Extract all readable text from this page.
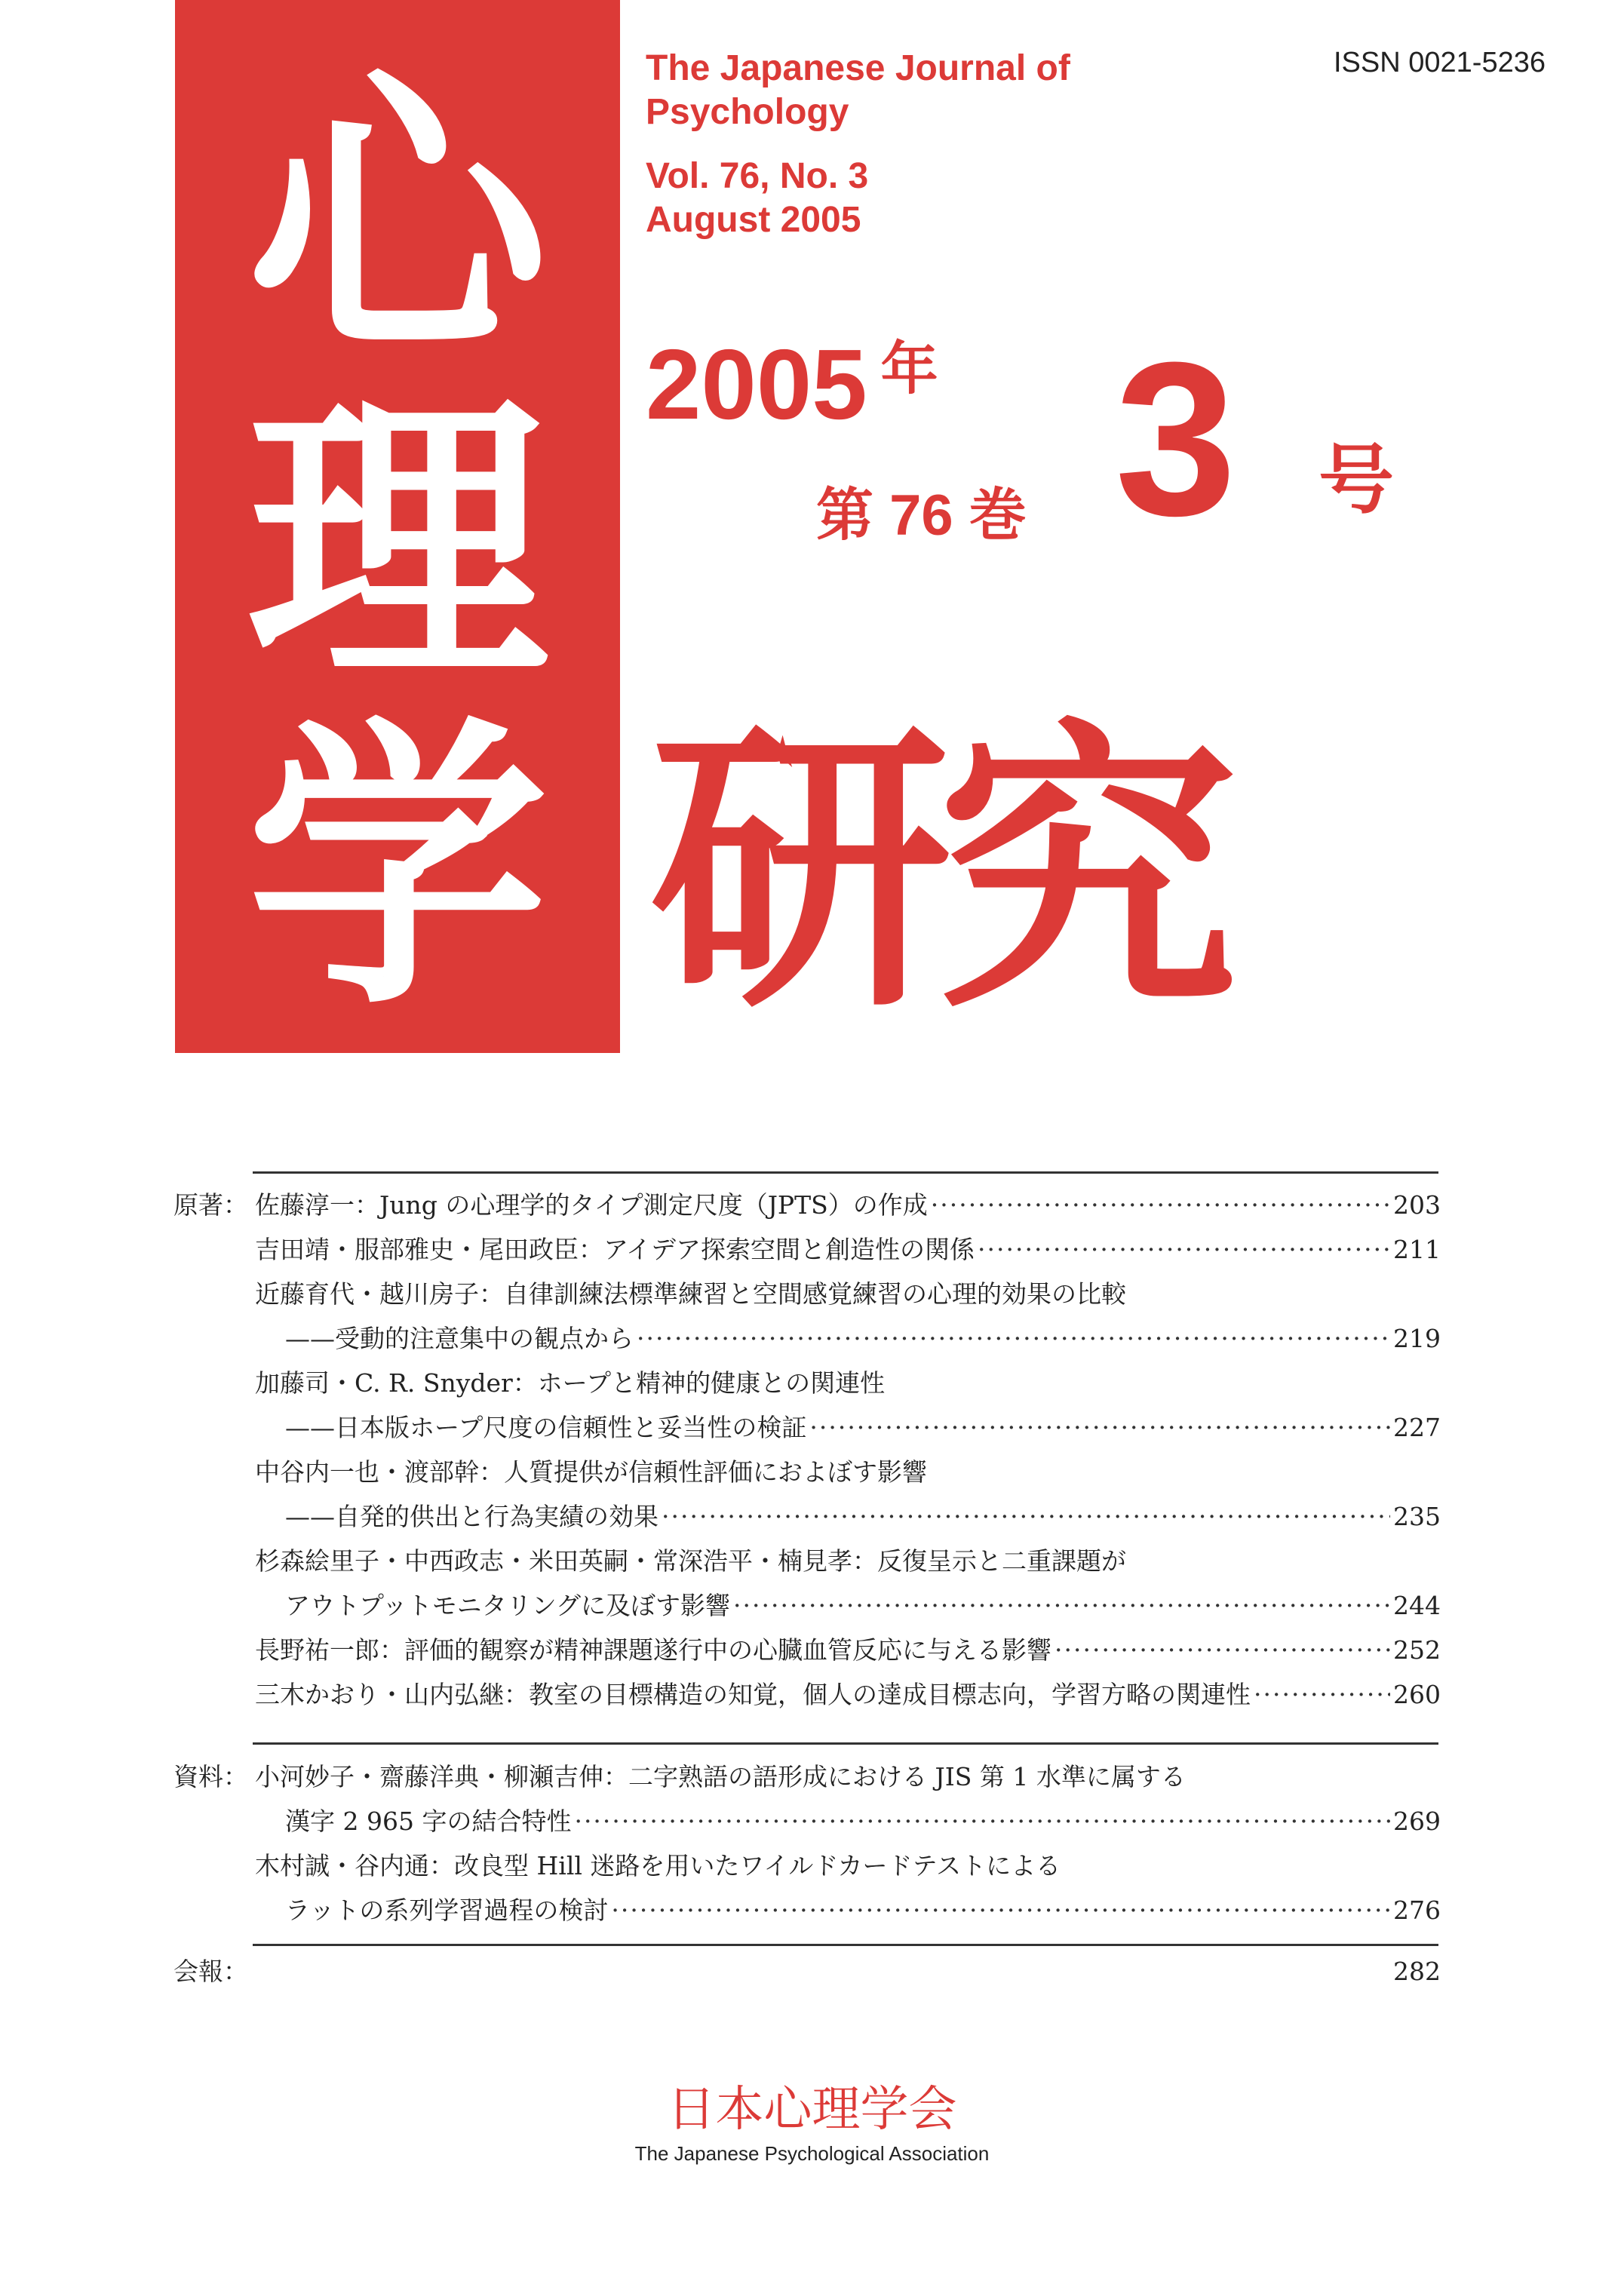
心
理
学 研究
The Japanese Journal of
Psychology
Vol. 76, No. 3
August 2005
ISSN 0021-5236
2005 年
第 76 巻 3 号
原著： 佐藤淳一：Jung の心理学的タイプ測定尺度（JPTS）の作成 ·····	203
吉田靖・服部雅史・尾田政臣：アイデア探索空間と創造性の関係 ·····	211
近藤育代・越川房子：自律訓練法標準練習と空間感覚練習の心理的効果の比較
——受動的注意集中の観点から ·····	219
加藤司・C. R. Snyder：ホープと精神的健康との関連性
——日本版ホープ尺度の信頼性と妥当性の検証 ·····	227
中谷内一也・渡部幹：人質提供が信頼性評価におよぼす影響
——自発的供出と行為実績の効果 ·····	235
杉森絵里子・中西政志・米田英嗣・常深浩平・楠見孝：反復呈示と二重課題が
アウトプットモニタリングに及ぼす影響 ·····	244
長野祐一郎：評価的観察が精神課題遂行中の心臓血管反応に与える影響 ·····	252
三木かおり・山内弘継：教室の目標構造の知覚，個人の達成目標志向，学習方略の関連性 ·····	260
資料： 小河妙子・齋藤洋典・柳瀬吉伸：二字熟語の語形成における JIS 第 1 水準に属する
漢字 2 965 字の結合特性 ·····	269
木村誠・谷内通：改良型 Hill 迷路を用いたワイルドカードテストによる
ラットの系列学習過程の検討 ·····	276
会報：	282
日本心理学会
The Japanese Psychological Association
